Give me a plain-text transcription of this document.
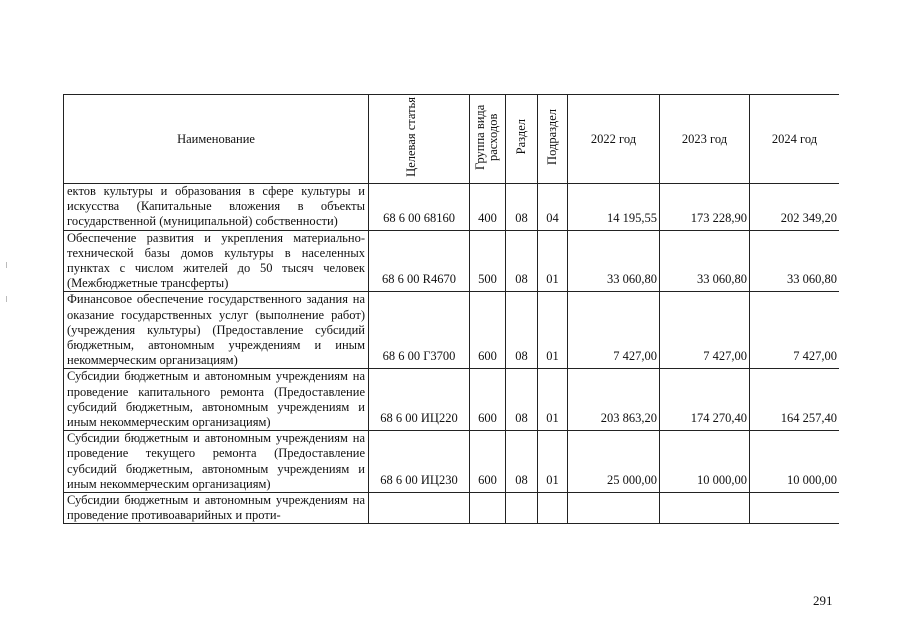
Наименование	Целевая статья	Группа вида расходов	Раздел	Подраздел	2022 год	2023 год	2024 год
ектов культуры и образования в сфере культуры и искусства (Капитальные вложения в объекты государственной (муниципальной) собственности)	68 6 00 68160	400	08	04	14 195,55	173 228,90	202 349,20
Обеспечение развития и укрепления материально-технической базы домов культуры в населенных пунктах с числом жителей до 50 тысяч человек (Межбюджетные трансферты)	68 6 00 R4670	500	08	01	33 060,80	33 060,80	33 060,80
Финансовое обеспечение государственного задания на оказание государственных услуг (выполнение работ) (учреждения культуры) (Предоставление субсидий бюджетным, автономным учреждениям и иным некоммерческим организациям)	68 6 00 Г3700	600	08	01	7 427,00	7 427,00	7 427,00
Субсидии бюджетным и автономным учреждениям на проведение капитального ремонта (Предоставление субсидий бюджетным, автономным учреждениям и иным некоммерческим организациям)	68 6 00 ИЦ220	600	08	01	203 863,20	174 270,40	164 257,40
Субсидии бюджетным и автономным учреждениям на проведение текущего ремонта (Предоставление субсидий бюджетным, автономным учреждениям и иным некоммерческим организациям)	68 6 00 ИЦ230	600	08	01	25 000,00	10 000,00	10 000,00
Субсидии бюджетным и автономным учреждениям на проведение противоаварийных и проти-							
291
